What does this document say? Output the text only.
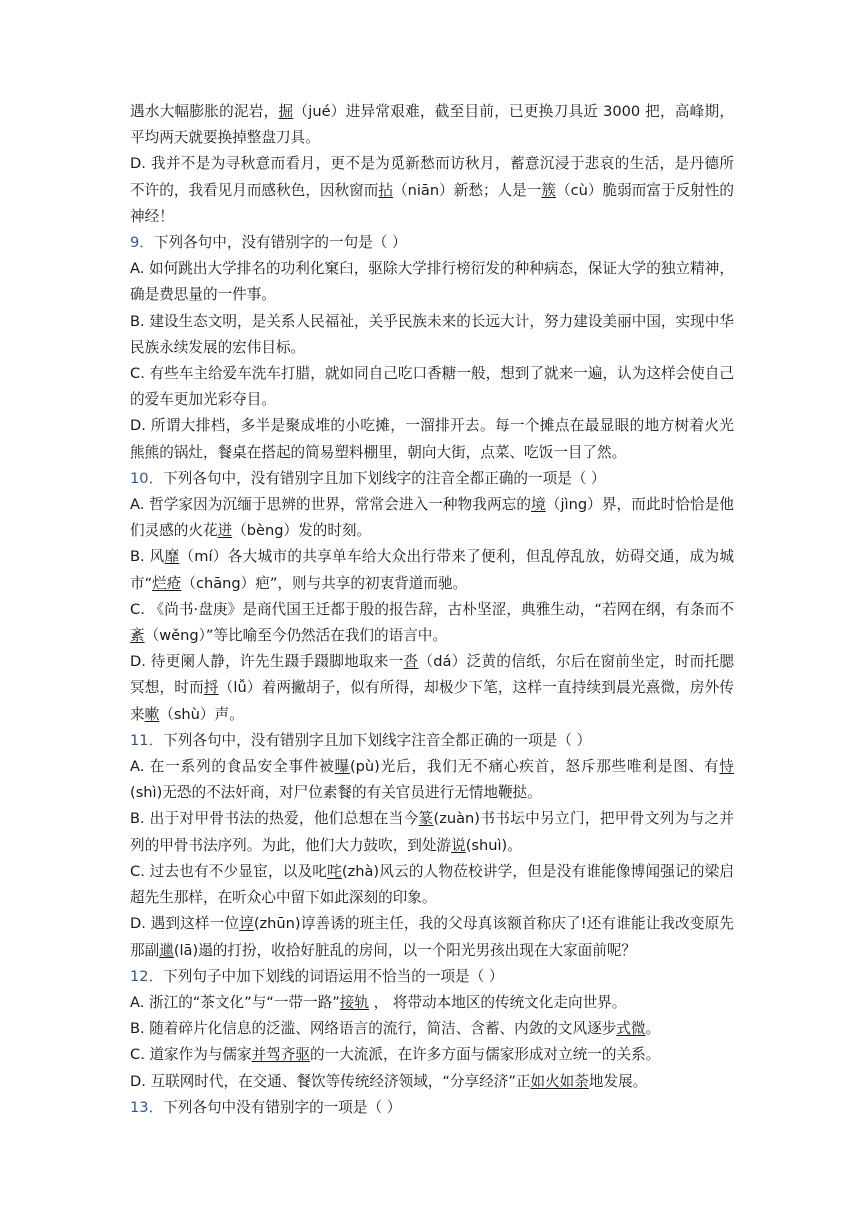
遇水大幅膨胀的泥岩，掘（jué）进异常艰难，截至目前，已更换刀具近 3000 把，高峰期，平均两天就要换掉整盘刀具。

D. 我并不是为寻秋意而看月，更不是为觅新愁而访秋月，蓄意沉浸于悲哀的生活，是丹德所不许的，我看见月而感秋色，因秋窗而拈（niān）新愁；人是一簇（cù）脆弱而富于反射性的神经！

9．下列各句中，没有错别字的一句是（ ）

A. 如何跳出大学排名的功利化窠臼，驱除大学排行榜衍发的种种病态，保证大学的独立精神，确是费思量的一件事。

B. 建设生态文明，是关系人民福祉，关乎民族未来的长远大计，努力建设美丽中国，实现中华民族永续发展的宏伟目标。

C. 有些车主给爱车洗车打腊，就如同自己吃口香糖一般，想到了就来一遍，认为这样会使自己的爱车更加光彩夺目。

D. 所谓大排档，多半是聚成堆的小吃摊，一溜排开去。每一个摊点在最显眼的地方树着火光熊熊的锅灶，餐桌在搭起的简易塑料棚里，朝向大街，点菜、吃饭一目了然。

10．下列各句中，没有错别字且加下划线字的注音全都正确的一项是（ ）

A. 哲学家因为沉缅于思辨的世界，常常会进入一种物我两忘的境（jìng）界，而此时恰恰是他们灵感的火花迸（bèng）发的时刻。

B. 风靡（mí）各大城市的共享单车给大众出行带来了便利，但乱停乱放，妨碍交通，成为城市“烂疮（chāng）疤”，则与共享的初衷背道而驰。

C. 《尚书·盘庚》是商代国王迁都于殷的报告辞，古朴坚涩，典雅生动，“若网在纲，有条而不紊（wěng）”等比喻至今仍然活在我们的语言中。

D. 待更阑人静，许先生蹑手蹑脚地取来一沓（dá）泛黄的信纸，尔后在窗前坐定，时而托腮冥想，时而捋（lǚ）着两撇胡子，似有所得，却极少下笔，这样一直持续到晨光熹微，房外传来嗽（shù）声。

11．下列各句中，没有错别字且加下划线字注音全都正确的一项是（ ）

A. 在一系列的食品安全事件被曝(pù)光后，我们无不痛心疾首，怒斥那些唯利是图、有恃(shì)无恐的不法奸商，对尸位素餐的有关官员进行无情地鞭挞。

B. 出于对甲骨书法的热爱，他们总想在当今篆(zuàn)书书坛中另立门，把甲骨文列为与之并列的甲骨书法序列。为此，他们大力鼓吹，到处游说(shuì)。

C. 过去也有不少显宦，以及叱咤(zhà)风云的人物莅校讲学，但是没有谁能像博闻强记的梁启超先生那样，在听众心中留下如此深刻的印象。

D. 遇到这样一位谆(zhūn)谆善诱的班主任，我的父母真该额首称庆了!还有谁能让我改变原先那副邋(lā)遢的打扮，收拾好脏乱的房间，以一个阳光男孩出现在大家面前呢？

12．下列句子中加下划线的词语运用不恰当的一项是（ ）

A. 浙江的“茶文化”与“一带一路”接轨 ， 将带动本地区的传统文化走向世界。

B. 随着碎片化信息的泛滥、网络语言的流行，简洁、含蓄、内敛的文风逐步式微。

C. 道家作为与儒家并驾齐驱的一大流派，在许多方面与儒家形成对立统一的关系。

D. 互联网时代，在交通、餐饮等传统经济领域，“分享经济”正如火如荼地发展。

13．下列各句中没有错别字的一项是（ ）
